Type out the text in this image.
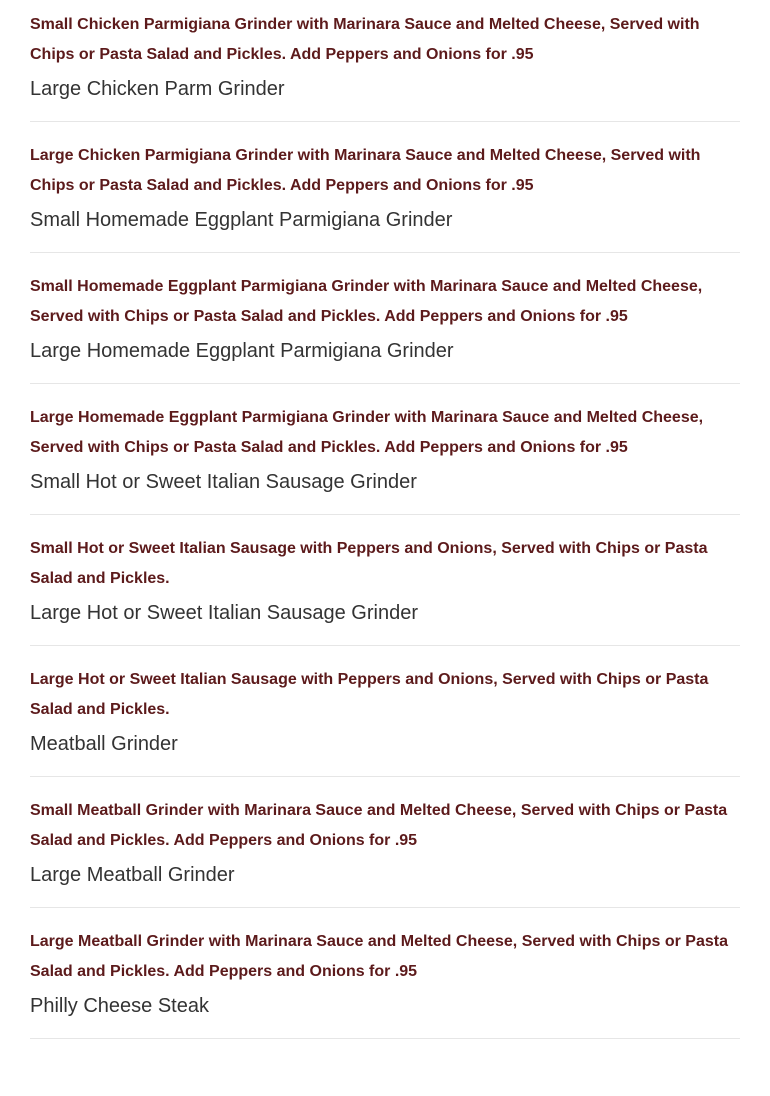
Small Chicken Parmigiana Grinder with Marinara Sauce and Melted Cheese, Served with Chips or Pasta Salad and Pickles. Add Peppers and Onions for .95

Large Chicken Parm Grinder

Large Chicken Parmigiana Grinder with Marinara Sauce and Melted Cheese, Served with Chips or Pasta Salad and Pickles. Add Peppers and Onions for .95

Small Homemade Eggplant Parmigiana Grinder

Small Homemade Eggplant Parmigiana Grinder with Marinara Sauce and Melted Cheese, Served with Chips or Pasta Salad and Pickles. Add Peppers and Onions for .95

Large Homemade Eggplant Parmigiana Grinder

Large Homemade Eggplant Parmigiana Grinder with Marinara Sauce and Melted Cheese, Served with Chips or Pasta Salad and Pickles. Add Peppers and Onions for .95

Small Hot or Sweet Italian Sausage Grinder

Small Hot or Sweet Italian Sausage with Peppers and Onions, Served with Chips or Pasta Salad and Pickles.

Large Hot or Sweet Italian Sausage Grinder

Large Hot or Sweet Italian Sausage with Peppers and Onions, Served with Chips or Pasta Salad and Pickles.

Meatball Grinder

Small Meatball Grinder with Marinara Sauce and Melted Cheese, Served with Chips or Pasta Salad and Pickles. Add Peppers and Onions for .95

Large Meatball Grinder

Large Meatball Grinder with Marinara Sauce and Melted Cheese, Served with Chips or Pasta Salad and Pickles. Add Peppers and Onions for .95

Philly Cheese Steak
